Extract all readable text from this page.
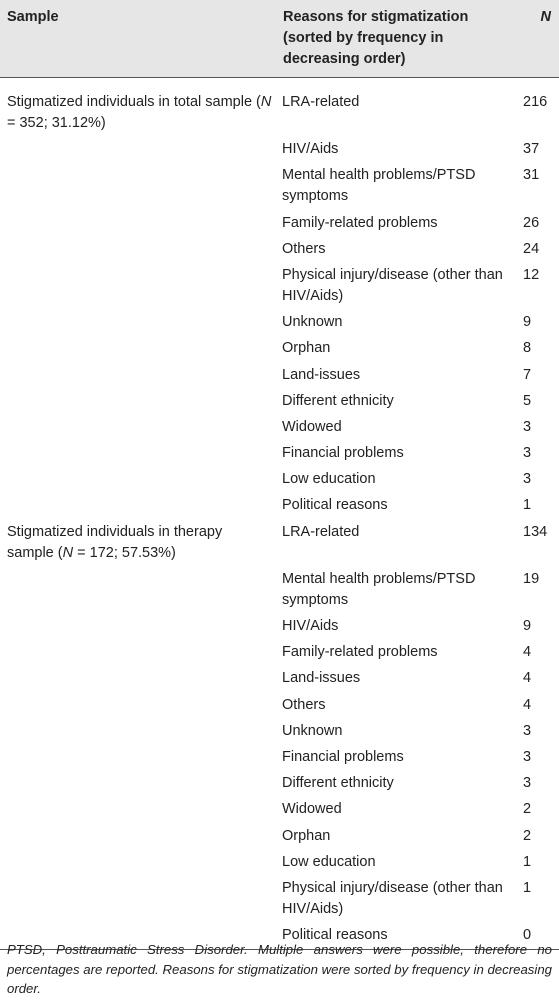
Sample	Reasons for stigmatization (sorted by frequency in decreasing order)	N
Stigmatized individuals in total sample (N = 352; 31.12%)	LRA-related	216
	HIV/Aids	37
	Mental health problems/PTSD symptoms	31
	Family-related problems	26
	Others	24
	Physical injury/disease (other than HIV/Aids)	12
	Unknown	9
	Orphan	8
	Land-issues	7
	Different ethnicity	5
	Widowed	3
	Financial problems	3
	Low education	3
	Political reasons	1
Stigmatized individuals in therapy sample (N = 172; 57.53%)	LRA-related	134
	Mental health problems/PTSD symptoms	19
	HIV/Aids	9
	Family-related problems	4
	Land-issues	4
	Others	4
	Unknown	3
	Financial problems	3
	Different ethnicity	3
	Widowed	2
	Orphan	2
	Low education	1
	Physical injury/disease (other than HIV/Aids)	1
	Political reasons	0
PTSD, Posttraumatic Stress Disorder. Multiple answers were possible, therefore no percentages are reported. Reasons for stigmatization were sorted by frequency in decreasing order.
